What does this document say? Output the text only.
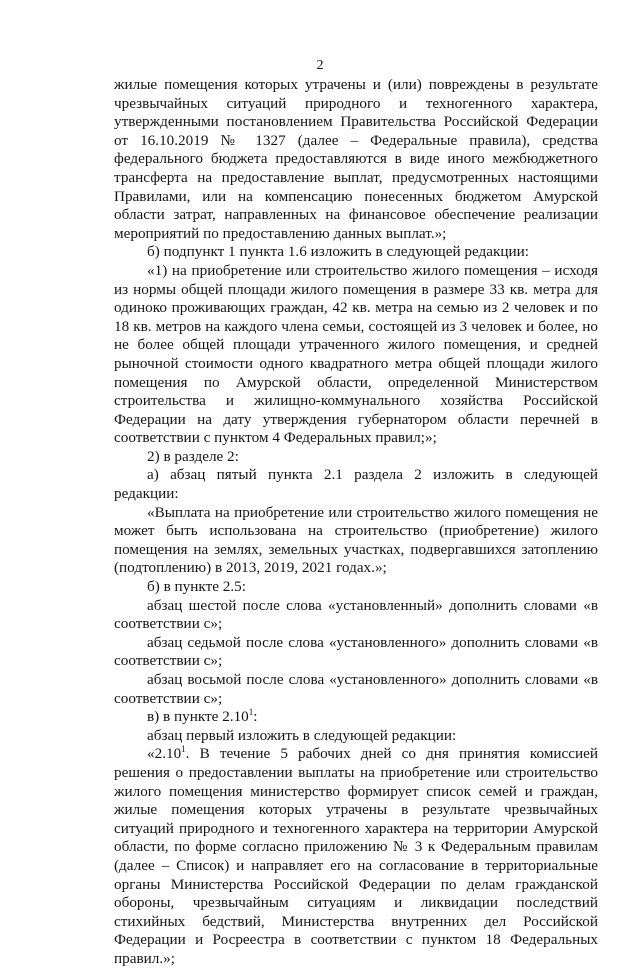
2

жилые помещения которых утрачены и (или) повреждены в результате чрезвычайных ситуаций природного и техногенного характера, утвержденными постановлением Правительства Российской Федерации от 16.10.2019 № 1327 (далее – Федеральные правила), средства федерального бюджета предоставляются в виде иного межбюджетного трансферта на предоставление выплат, предусмотренных настоящими Правилами, или на компенсацию понесенных бюджетом Амурской области затрат, направленных на финансовое обеспечение реализации мероприятий по предоставлению данных выплат.»;

б) подпункт 1 пункта 1.6 изложить в следующей редакции:

«1) на приобретение или строительство жилого помещения – исходя из нормы общей площади жилого помещения в размере 33 кв. метра для одиноко проживающих граждан, 42 кв. метра на семью из 2 человек и по 18 кв. метров на каждого члена семьи, состоящей из 3 человек и более, но не более общей площади утраченного жилого помещения, и средней рыночной стоимости одного квадратного метра общей площади жилого помещения по Амурской области, определенной Министерством строительства и жилищно-коммунального хозяйства Российской Федерации на дату утверждения губернатором области перечней в соответствии с пунктом 4 Федеральных правил;»;

2) в разделе 2:

а) абзац пятый пункта 2.1 раздела 2 изложить в следующей редакции:

«Выплата на приобретение или строительство жилого помещения не может быть использована на строительство (приобретение) жилого помещения на землях, земельных участках, подвергавшихся затоплению (подтоплению) в 2013, 2019, 2021 годах.»;

б) в пункте 2.5:

абзац шестой после слова «установленный» дополнить словами «в соответствии с»;

абзац седьмой после слова «установленного» дополнить словами «в соответствии с»;

абзац восьмой после слова «установленного» дополнить словами «в соответствии с»;

в) в пункте 2.10$^1$:

абзац первый изложить в следующей редакции:

«2.10$^1$. В течение 5 рабочих дней со дня принятия комиссией решения о предоставлении выплаты на приобретение или строительство жилого помещения министерство формирует список семей и граждан, жилые помещения которых утрачены в результате чрезвычайных ситуаций природного и техногенного характера на территории Амурской области, по форме согласно приложению № 3 к Федеральным правилам (далее – Список) и направляет его на согласование в территориальные органы Министерства Российской Федерации по делам гражданской обороны, чрезвычайным ситуациям и ликвидации последствий стихийных бедствий, Министерства внутренних дел Российской Федерации и Росреестра в соответствии с пунктом 18 Федеральных правил.»;
